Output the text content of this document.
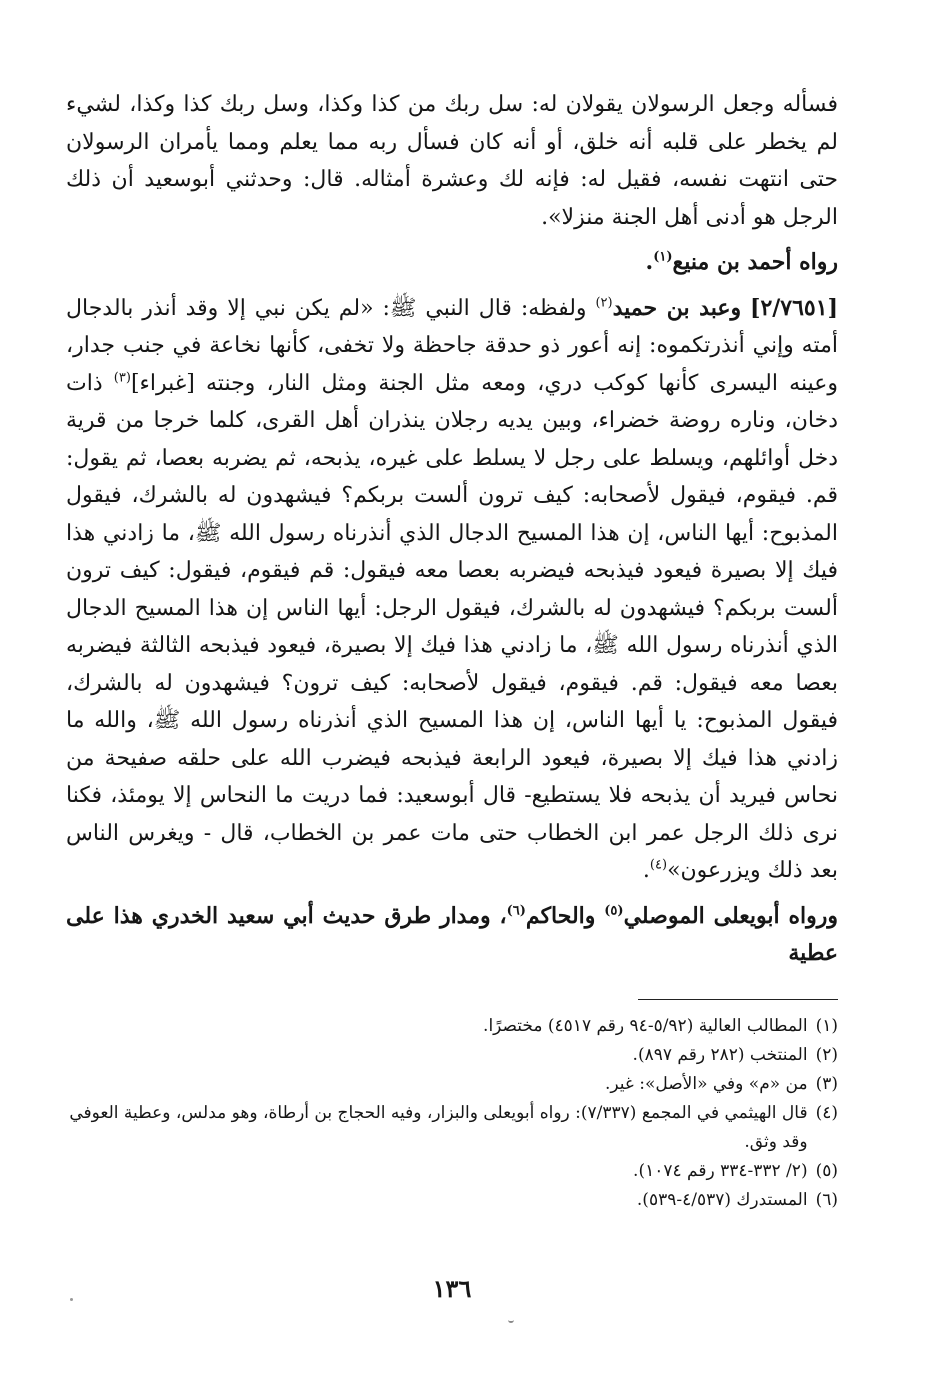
فسأله وجعل الرسولان يقولان له: سل ربك من كذا وكذا، وسل ربك كذا وكذا، لشيء لم يخطر على قلبه أنه خلق، أو أنه كان فسأل ربه مما يعلم ومما يأمران الرسولان حتى انتهت نفسه، فقيل له: فإنه لك وعشرة أمثاله. قال: وحدثني أبوسعيد أن ذلك الرجل هو أدنى أهل الجنة منزلا».

رواه أحمد بن منيع$^{(١)}$.

[٢/٧٦٥١] وعبد بن حميد$^{(٢)}$ ولفظه: قال النبي ﷺ: «لم يكن نبي إلا وقد أنذر بالدجال أمته وإني أنذرتكموه: إنه أعور ذو حدقة جاحظة ولا تخفى، كأنها نخاعة في جنب جدار، وعينه اليسرى كأنها كوكب دري، ومعه مثل الجنة ومثل النار، وجنته [غبراء]$^{(٣)}$ ذات دخان، وناره روضة خضراء، وبين يديه رجلان ينذران أهل القرى، كلما خرجا من قرية دخل أوائلهم، ويسلط على رجل لا يسلط على غيره، يذبحه، ثم يضربه بعصا، ثم يقول: قم. فيقوم، فيقول لأصحابه: كيف ترون ألست بربكم؟ فيشهدون له بالشرك، فيقول المذبوح: أيها الناس، إن هذا المسيح الدجال الذي أنذرناه رسول الله ﷺ، ما زادني هذا فيك إلا بصيرة فيعود فيذبحه فيضربه بعصا معه فيقول: قم فيقوم، فيقول: كيف ترون ألست بربكم؟ فيشهدون له بالشرك، فيقول الرجل: أيها الناس إن هذا المسيح الدجال الذي أنذرناه رسول الله ﷺ، ما زادني هذا فيك إلا بصيرة، فيعود فيذبحه الثالثة فيضربه بعصا معه فيقول: قم. فيقوم، فيقول لأصحابه: كيف ترون؟ فيشهدون له بالشرك، فيقول المذبوح: يا أيها الناس، إن هذا المسيح الذي أنذرناه رسول الله ﷺ، والله ما زادني هذا فيك إلا بصيرة، فيعود الرابعة فيذبحه فيضرب الله على حلقه صفيحة من نحاس فيريد أن يذبحه فلا يستطيع- قال أبوسعيد: فما دريت ما النحاس إلا يومئذ، فكنا نرى ذلك الرجل عمر ابن الخطاب حتى مات عمر بن الخطاب، قال - ويغرس الناس بعد ذلك ويزرعون»$^{(٤)}$.

ورواه أبويعلى الموصلي$^{(٥)}$ والحاكم$^{(٦)}$، ومدار طرق حديث أبي سعيد الخدري هذا على عطية

(١)
المطالب العالية (٥/٩٢-٩٤ رقم ٤٥١٧) مختصرًا.
(٢)
المنتخب (٢٨٢ رقم ٨٩٧).
(٣)
من «م» وفي «الأصل»: غير.
(٤)
قال الهيثمي في المجمع (٧/٣٣٧): رواه أبويعلى والبزار، وفيه الحجاج بن أرطاة، وهو مدلس، وعطية العوفي وقد وثق.
(٥)
(٢/ ٣٣٢-٣٣٤ رقم ١٠٧٤).
(٦)
المستدرك (٤/٥٣٧-٥٣٩).
١٣٦
